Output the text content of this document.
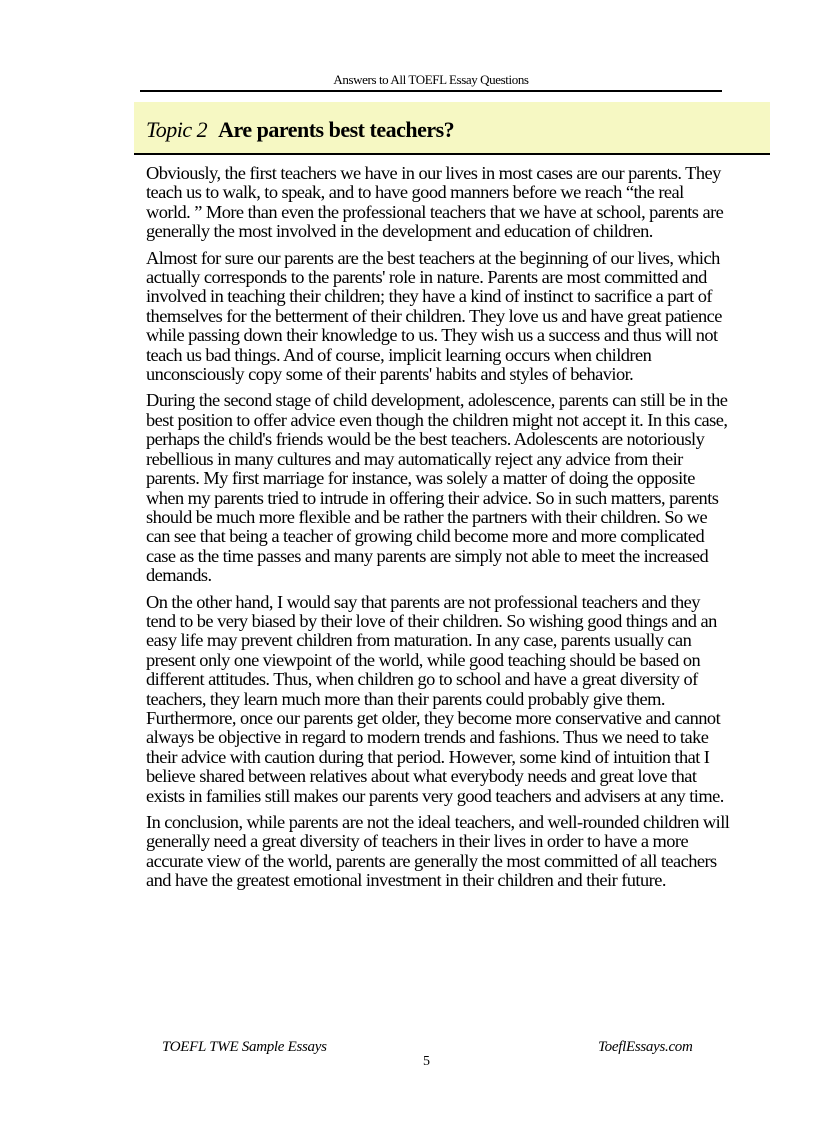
Answers to All TOEFL Essay Questions
Topic 2 Are parents best teachers?

Obviously, the first teachers we have in our lives in most cases are our parents. They teach us to walk, to speak, and to have good manners before we reach “the real world. ” More than even the professional teachers that we have at school, parents are generally the most involved in the development and education of children.

Almost for sure our parents are the best teachers at the beginning of our lives, which actually corresponds to the parents' role in nature. Parents are most committed and involved in teaching their children; they have a kind of instinct to sacrifice a part of themselves for the betterment of their children. They love us and have great patience while passing down their knowledge to us. They wish us a success and thus will not teach us bad things. And of course, implicit learning occurs when children unconsciously copy some of their parents' habits and styles of behavior.

During the second stage of child development, adolescence, parents can still be in the best position to offer advice even though the children might not accept it. In this case, perhaps the child's friends would be the best teachers. Adolescents are notoriously rebellious in many cultures and may automatically reject any advice from their parents. My first marriage for instance, was solely a matter of doing the opposite when my parents tried to intrude in offering their advice. So in such matters, parents should be much more flexible and be rather the partners with their children. So we can see that being a teacher of growing child become more and more complicated case as the time passes and many parents are simply not able to meet the increased demands.

On the other hand, I would say that parents are not professional teachers and they tend to be very biased by their love of their children. So wishing good things and an easy life may prevent children from maturation. In any case, parents usually can present only one viewpoint of the world, while good teaching should be based on different attitudes. Thus, when children go to school and have a great diversity of teachers, they learn much more than their parents could probably give them. Furthermore, once our parents get older, they become more conservative and cannot always be objective in regard to modern trends and fashions. Thus we need to take their advice with caution during that period. However, some kind of intuition that I believe shared between relatives about what everybody needs and great love that exists in families still makes our parents very good teachers and advisers at any time.

In conclusion, while parents are not the ideal teachers, and well-rounded children will generally need a great diversity of teachers in their lives in order to have a more accurate view of the world, parents are generally the most committed of all teachers and have the greatest emotional investment in their children and their future.

TOEFL TWE Sample Essays
5
ToeflEssays.com
